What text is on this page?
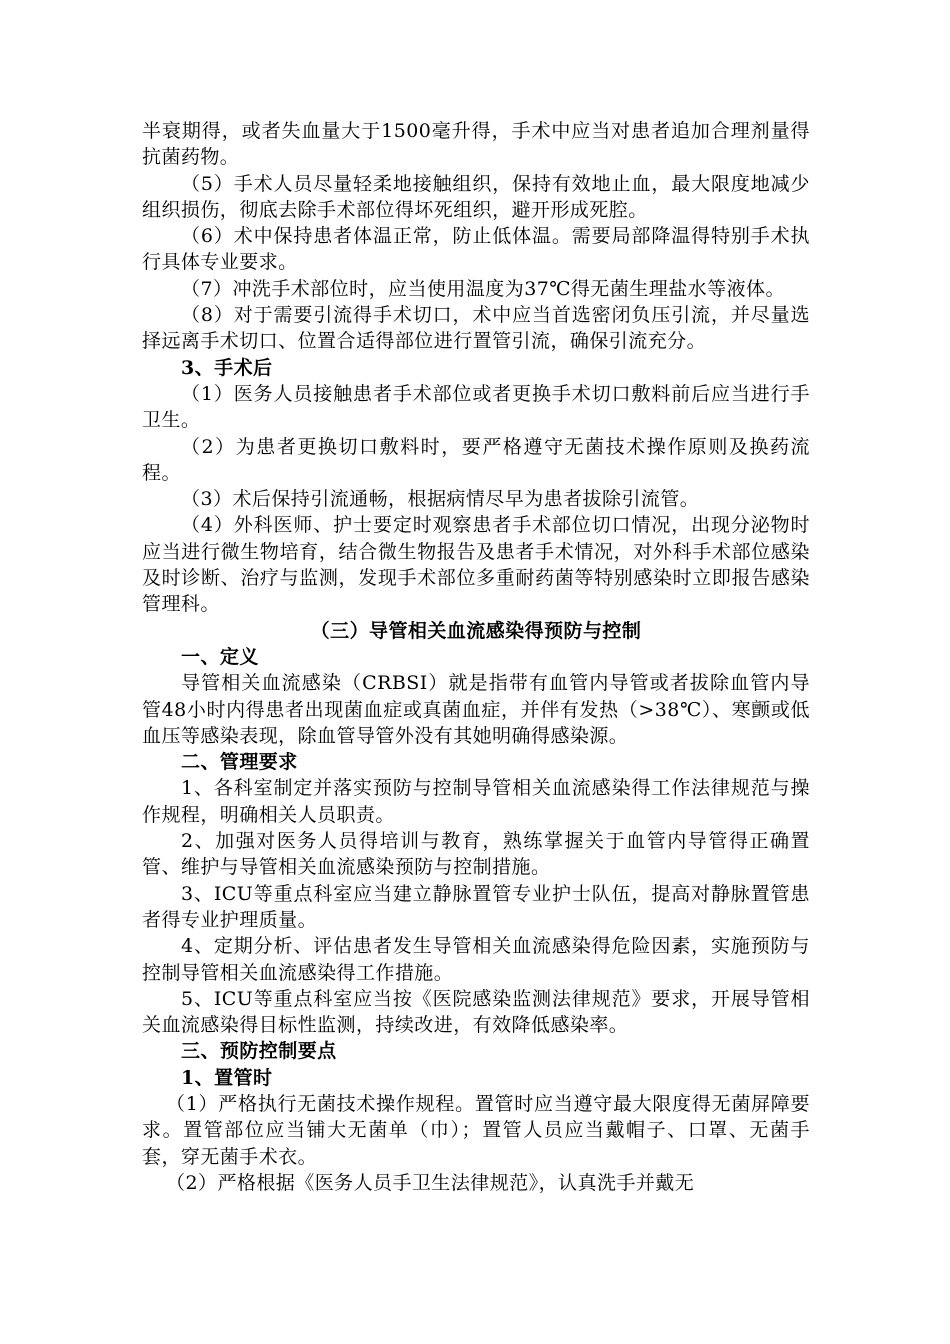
半衰期得，或者失血量大于1500毫升得，手术中应当对患者追加合理剂量得抗菌药物。

（5）手术人员尽量轻柔地接触组织，保持有效地止血，最大限度地减少组织损伤，彻底去除手术部位得坏死组织，避开形成死腔。

（6）术中保持患者体温正常，防止低体温。需要局部降温得特别手术执行具体专业要求。

（7）冲洗手术部位时，应当使用温度为37℃得无菌生理盐水等液体。

（8）对于需要引流得手术切口，术中应当首选密闭负压引流，并尽量选择远离手术切口、位置合适得部位进行置管引流，确保引流充分。

3、手术后

（1）医务人员接触患者手术部位或者更换手术切口敷料前后应当进行手卫生。

（2）为患者更换切口敷料时，要严格遵守无菌技术操作原则及换药流程。

（3）术后保持引流通畅，根据病情尽早为患者拔除引流管。

（4）外科医师、护士要定时观察患者手术部位切口情况，出现分泌物时应当进行微生物培育，结合微生物报告及患者手术情况，对外科手术部位感染及时诊断、治疗与监测，发现手术部位多重耐药菌等特别感染时立即报告感染管理科。

（三）导管相关血流感染得预防与控制

一、定义

导管相关血流感染（CRBSI）就是指带有血管内导管或者拔除血管内导管48小时内得患者出现菌血症或真菌血症，并伴有发热（>38℃）、寒颤或低血压等感染表现，除血管导管外没有其她明确得感染源。

二、管理要求

1、各科室制定并落实预防与控制导管相关血流感染得工作法律规范与操作规程，明确相关人员职责。

2、加强对医务人员得培训与教育，熟练掌握关于血管内导管得正确置管、维护与导管相关血流感染预防与控制措施。

3、ICU等重点科室应当建立静脉置管专业护士队伍，提高对静脉置管患者得专业护理质量。

4、定期分析、评估患者发生导管相关血流感染得危险因素，实施预防与控制导管相关血流感染得工作措施。

5、ICU等重点科室应当按《医院感染监测法律规范》要求，开展导管相关血流感染得目标性监测，持续改进，有效降低感染率。

三、预防控制要点

1、置管时

（1）严格执行无菌技术操作规程。置管时应当遵守最大限度得无菌屏障要求。置管部位应当铺大无菌单（巾）；置管人员应当戴帽子、口罩、无菌手套，穿无菌手术衣。

（2）严格根据《医务人员手卫生法律规范》，认真洗手并戴无
